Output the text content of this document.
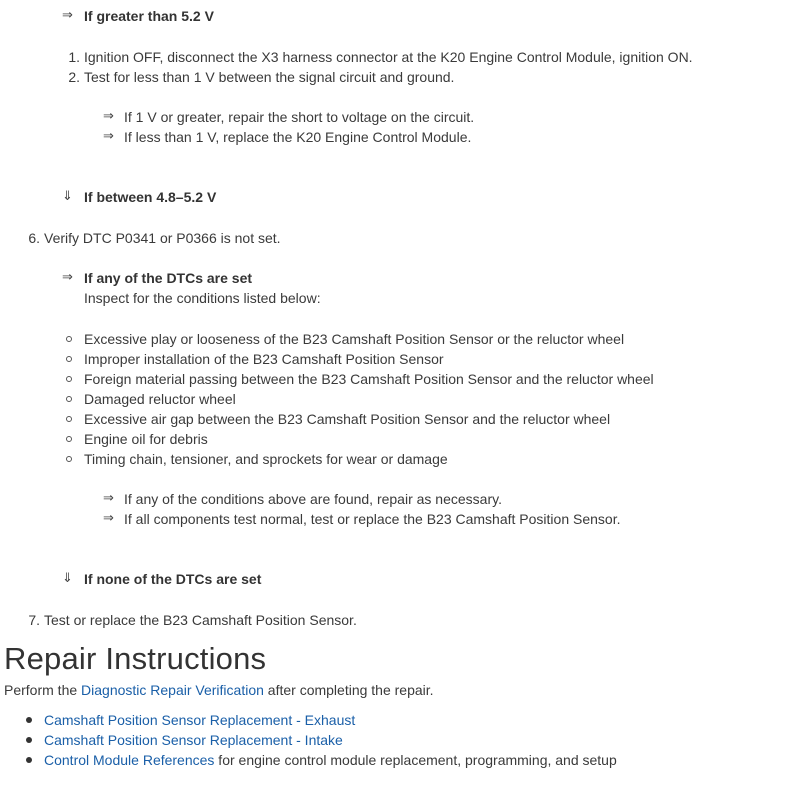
⇒ If greater than 5.2 V
1. Ignition OFF, disconnect the X3 harness connector at the K20 Engine Control Module, ignition ON.
2. Test for less than 1 V between the signal circuit and ground.
⇒ If 1 V or greater, repair the short to voltage on the circuit.
⇒ If less than 1 V, replace the K20 Engine Control Module.
⇓ If between 4.8–5.2 V
6. Verify DTC P0341 or P0366 is not set.
⇒ If any of the DTCs are set
Inspect for the conditions listed below:
Excessive play or looseness of the B23 Camshaft Position Sensor or the reluctor wheel
Improper installation of the B23 Camshaft Position Sensor
Foreign material passing between the B23 Camshaft Position Sensor and the reluctor wheel
Damaged reluctor wheel
Excessive air gap between the B23 Camshaft Position Sensor and the reluctor wheel
Engine oil for debris
Timing chain, tensioner, and sprockets for wear or damage
⇒ If any of the conditions above are found, repair as necessary.
⇒ If all components test normal, test or replace the B23 Camshaft Position Sensor.
⇓ If none of the DTCs are set
7. Test or replace the B23 Camshaft Position Sensor.
Repair Instructions
Perform the Diagnostic Repair Verification after completing the repair.
Camshaft Position Sensor Replacement - Exhaust
Camshaft Position Sensor Replacement - Intake
Control Module References for engine control module replacement, programming, and setup
